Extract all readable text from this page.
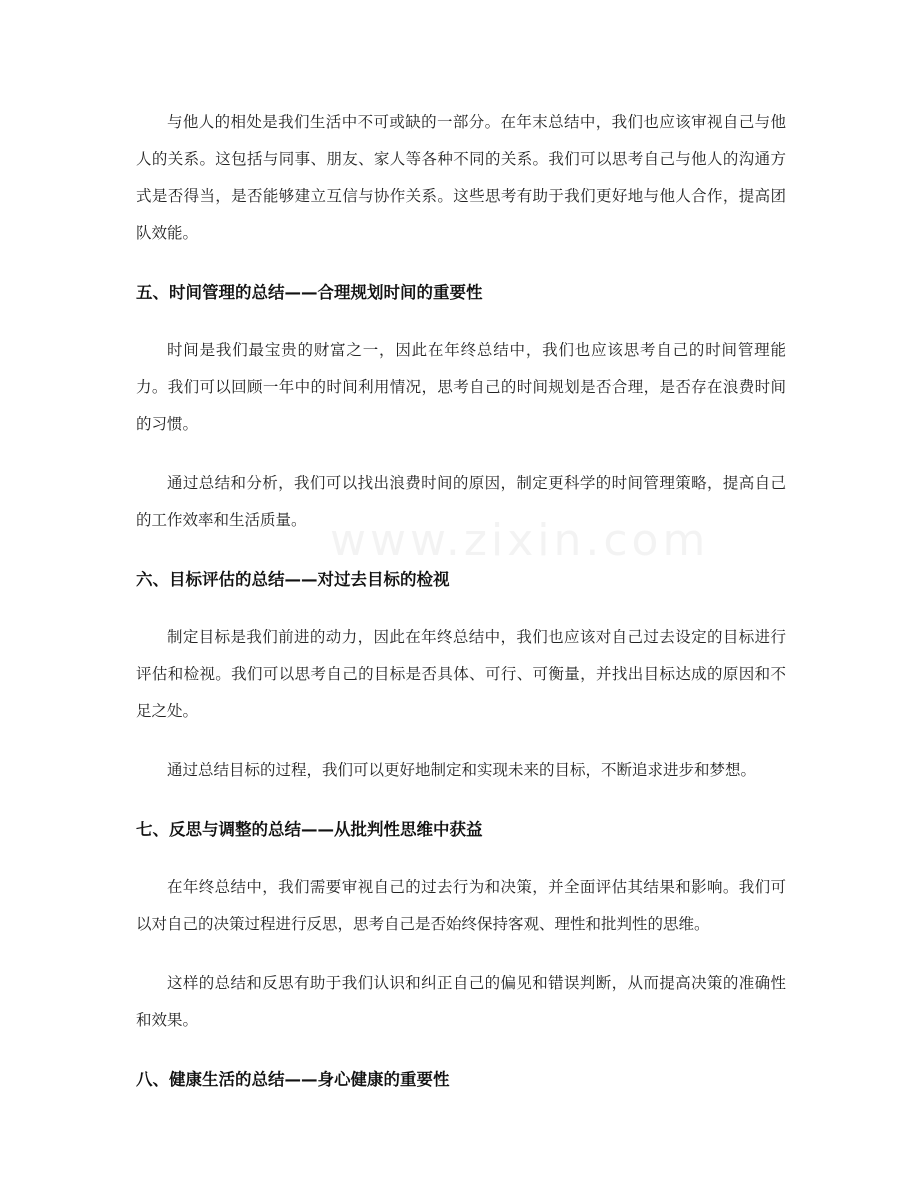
www.zixin.com

与他人的相处是我们生活中不可或缺的一部分。在年末总结中，我们也应该审视自己与他人的关系。这包括与同事、朋友、家人等各种不同的关系。我们可以思考自己与他人的沟通方式是否得当，是否能够建立互信与协作关系。这些思考有助于我们更好地与他人合作，提高团队效能。

五、时间管理的总结——合理规划时间的重要性

时间是我们最宝贵的财富之一，因此在年终总结中，我们也应该思考自己的时间管理能力。我们可以回顾一年中的时间利用情况，思考自己的时间规划是否合理，是否存在浪费时间的习惯。

通过总结和分析，我们可以找出浪费时间的原因，制定更科学的时间管理策略，提高自己的工作效率和生活质量。

六、目标评估的总结——对过去目标的检视

制定目标是我们前进的动力，因此在年终总结中，我们也应该对自己过去设定的目标进行评估和检视。我们可以思考自己的目标是否具体、可行、可衡量，并找出目标达成的原因和不足之处。

通过总结目标的过程，我们可以更好地制定和实现未来的目标，不断追求进步和梦想。

七、反思与调整的总结——从批判性思维中获益

在年终总结中，我们需要审视自己的过去行为和决策，并全面评估其结果和影响。我们可以对自己的决策过程进行反思，思考自己是否始终保持客观、理性和批判性的思维。

这样的总结和反思有助于我们认识和纠正自己的偏见和错误判断，从而提高决策的准确性和效果。

八、健康生活的总结——身心健康的重要性
